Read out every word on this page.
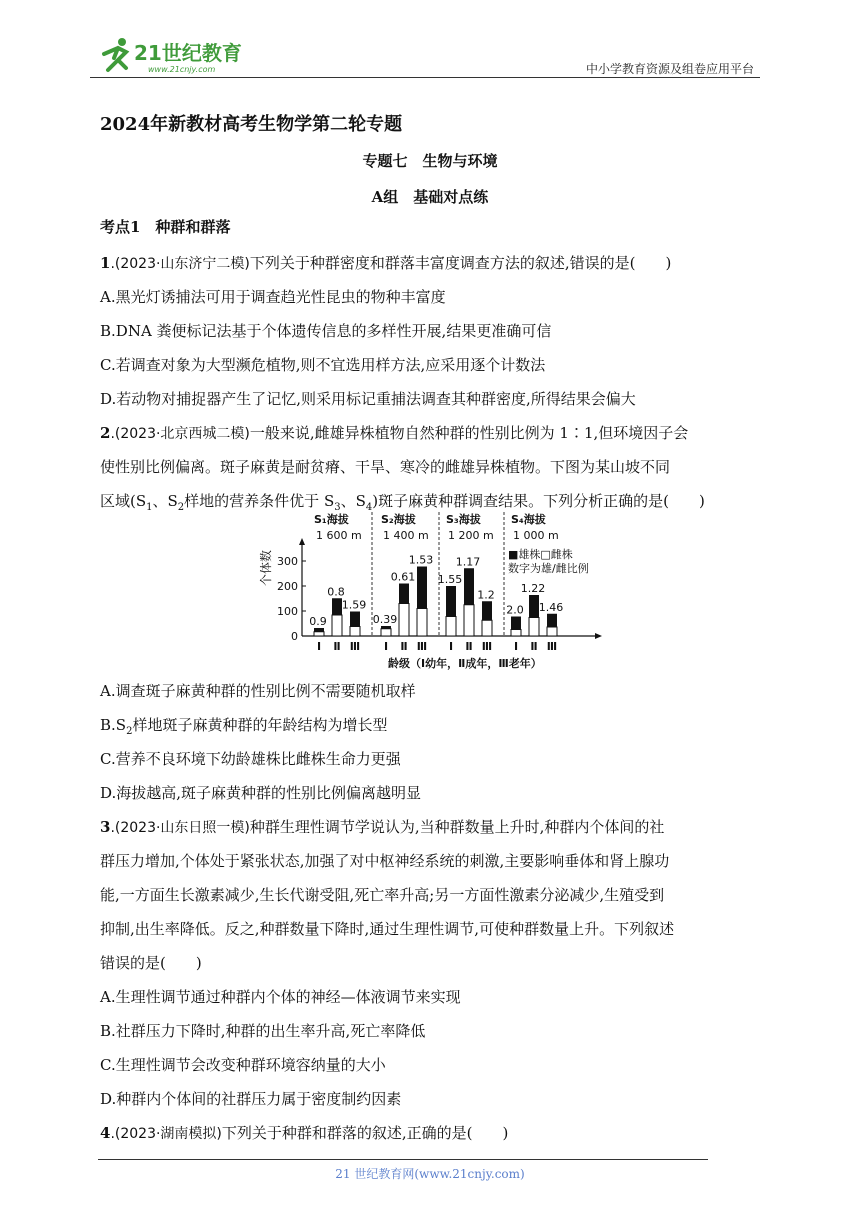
21世纪教育
www.21cnjy.com	中小学教育资源及组卷应用平台
2024年新教材高考生物学第二轮专题
专题七　生物与环境
A组　基础对点练
考点1　种群和群落
1.(2023·山东济宁二模)下列关于种群密度和群落丰富度调查方法的叙述,错误的是(　　)
A.黑光灯诱捕法可用于调查趋光性昆虫的物种丰富度
B.DNA 粪便标记法基于个体遗传信息的多样性开展,结果更准确可信
C.若调查对象为大型濒危植物,则不宜选用样方法,应采用逐个计数法
D.若动物对捕捉器产生了记忆,则采用标记重捕法调查其种群密度,所得结果会偏大
2.(2023·北京西城二模)一般来说,雌雄异株植物自然种群的性别比例为 1∶1,但环境因子会
使性别比例偏离。斑子麻黄是耐贫瘠、干旱、寒冷的雌雄异株植物。下图为某山坡不同
区域($S_1$、$S_2$样地的营养条件优于 $S_3$、$S_4$)斑子麻黄种群调查结果。下列分析正确的是(　　)
0
100
200
300
个体数
S₁海拔
1 600 m
0.9
Ⅰ
0.8
Ⅱ
1.59
Ⅲ
S₂海拔
1 400 m
0.39
Ⅰ
0.61
Ⅱ
1.53
Ⅲ
S₃海拔
1 200 m
1.55
Ⅰ
1.17
Ⅱ
1.2
Ⅲ
S₄海拔
1 000 m
2.0
Ⅰ
1.22
Ⅱ
1.46
Ⅲ
■雄株□雌株
数字为雄/雌比例
龄级（Ⅰ幼年，Ⅱ成年，Ⅲ老年）
A.调查斑子麻黄种群的性别比例不需要随机取样
$B.S_2$样地斑子麻黄种群的年龄结构为增长型
C.营养不良环境下幼龄雄株比雌株生命力更强
D.海拔越高,斑子麻黄种群的性别比例偏离越明显
3.(2023·山东日照一模)种群生理性调节学说认为,当种群数量上升时,种群内个体间的社
群压力增加,个体处于紧张状态,加强了对中枢神经系统的刺激,主要影响垂体和肾上腺功
能,一方面生长激素减少,生长代谢受阻,死亡率升高;另一方面性激素分泌减少,生殖受到
抑制,出生率降低。反之,种群数量下降时,通过生理性调节,可使种群数量上升。下列叙述
错误的是(　　)
A.生理性调节通过种群内个体的神经—体液调节来实现
B.社群压力下降时,种群的出生率升高,死亡率降低
C.生理性调节会改变种群环境容纳量的大小
D.种群内个体间的社群压力属于密度制约因素
4.(2023·湖南模拟)下列关于种群和群落的叙述,正确的是(　　)
21 世纪教育网(www.21cnjy.com)
